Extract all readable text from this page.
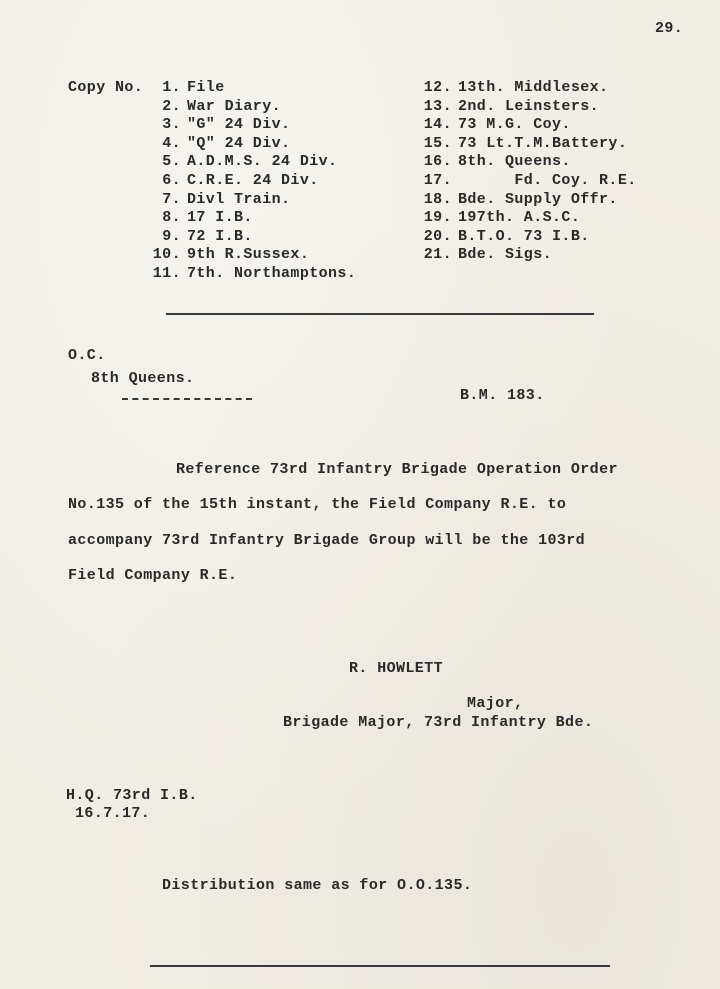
29.
Copy No. 1. File
2. War Diary.
3. "G" 24 Div.
4. "Q" 24 Div.
5. A.D.M.S. 24 Div.
6. C.R.E. 24 Div.
7. Divl Train.
8. 17 I.B.
9. 72 I.B.
10. 9th R.Sussex.
11. 7th. Northamptons.
12. 13th. Middlesex.
13. 2nd. Leinsters.
14. 73 M.G. Coy.
15. 73 Lt.T.M.Battery.
16. 8th. Queens.
17. Fd. Coy. R.E.
18. Bde. Supply Offr.
19. 197th. A.S.C.
20. B.T.O. 73 I.B.
21. Bde. Sigs.
O.C.
8th Queens.
B.M. 183.
Reference 73rd Infantry Brigade Operation Order
No.135 of the 15th instant, the Field Company R.E. to
accompany 73rd Infantry Brigade Group will be the 103rd
Field Company R.E.
R. HOWLETT
Major,
Brigade Major, 73rd Infantry Bde.
H.Q. 73rd I.B.
16.7.17.
Distribution same as for O.O.135.
